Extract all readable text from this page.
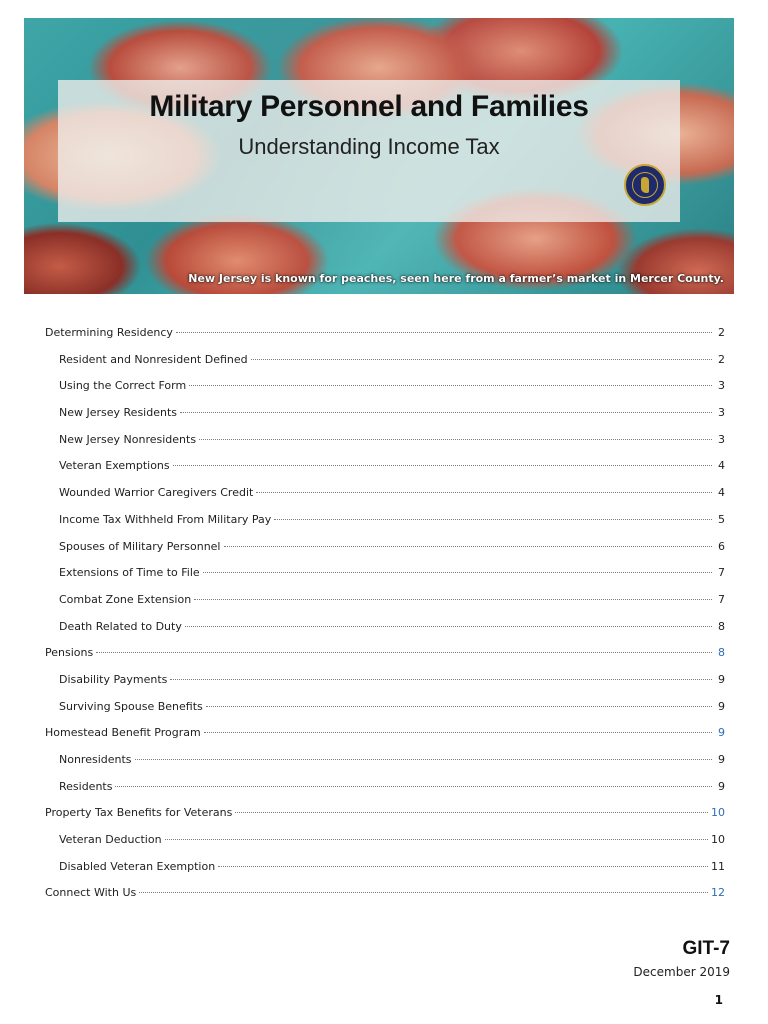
Military Personnel and Families
Understanding Income Tax
New Jersey is known for peaches, seen here from a farmer’s market in Mercer County.
Determining Residency	2
Resident and Nonresident Defined	2
Using the Correct Form	3
New Jersey Residents	3
New Jersey Nonresidents	3
Veteran Exemptions	4
Wounded Warrior Caregivers Credit	4
Income Tax Withheld From Military Pay	5
Spouses of Military Personnel	6
Extensions of Time to File	7
Combat Zone Extension	7
Death Related to Duty	8
Pensions	8
Disability Payments	9
Surviving Spouse Benefits	9
Homestead Benefit Program	9
Nonresidents	9
Residents	9
Property Tax Benefits for Veterans	10
Veteran Deduction	10
Disabled Veteran Exemption	11
Connect With Us	12
GIT-7
December 2019
1
